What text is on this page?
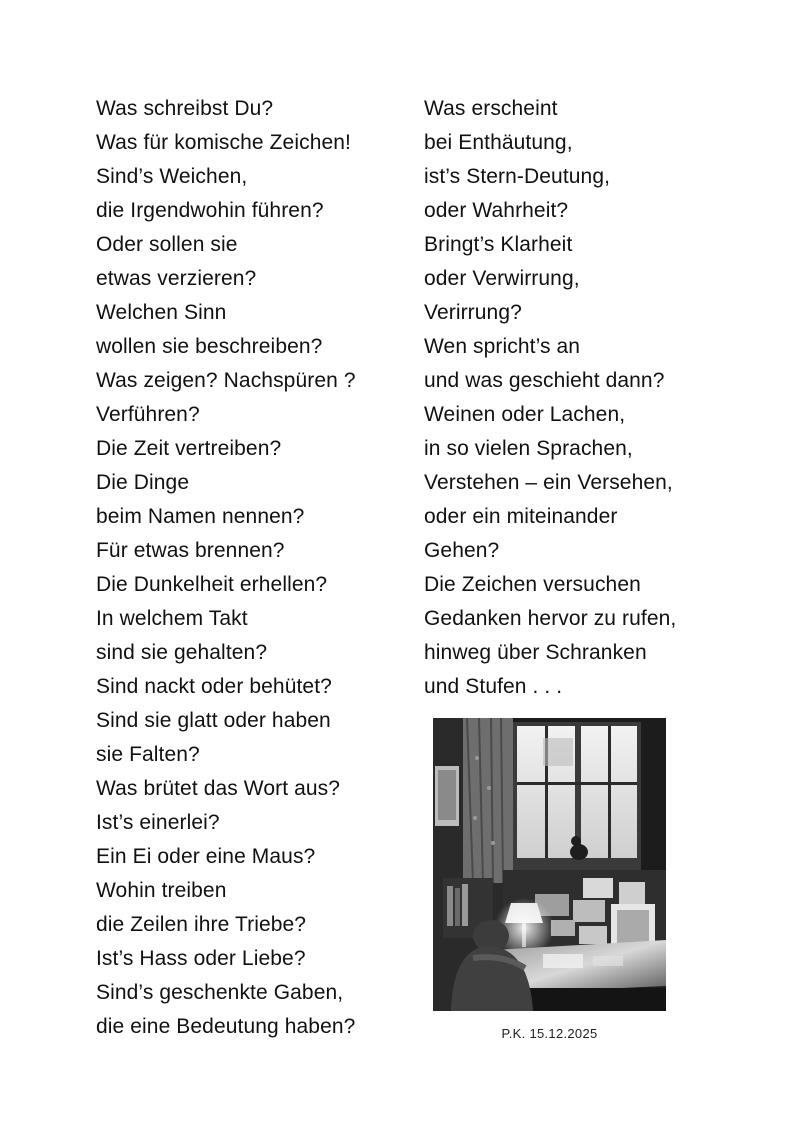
Was schreibst Du?
Was für komische Zeichen!
Sind’s Weichen,
die Irgendwohin führen?
Oder sollen sie
etwas verzieren?
Welchen Sinn
wollen sie beschreiben?
Was zeigen? Nachspüren ?
Verführen?
Die Zeit vertreiben?
Die Dinge
beim Namen nennen?
Für etwas brennen?
Die Dunkelheit erhellen?
In welchem Takt
sind sie gehalten?
Sind nackt oder behütet?
Sind sie glatt oder haben
sie Falten?
Was brütet das Wort aus?
Ist’s einerlei?
Ein Ei oder eine Maus?
Wohin treiben
die Zeilen ihre Triebe?
Ist’s Hass oder Liebe?
Sind’s geschenkte Gaben,
die eine Bedeutung haben?
Was erscheint
bei Enthäutung,
ist’s Stern-Deutung,
oder Wahrheit?
Bringt’s Klarheit
oder Verwirrung,
Verirrung?
Wen spricht’s an
und was geschieht dann?
Weinen oder Lachen,
in so vielen Sprachen,
Verstehen – ein Versehen,
oder ein miteinander
Gehen?
Die Zeichen versuchen
Gedanken hervor zu rufen,
hinweg über Schranken
und Stufen . . .
P.K. 15.12.2025
